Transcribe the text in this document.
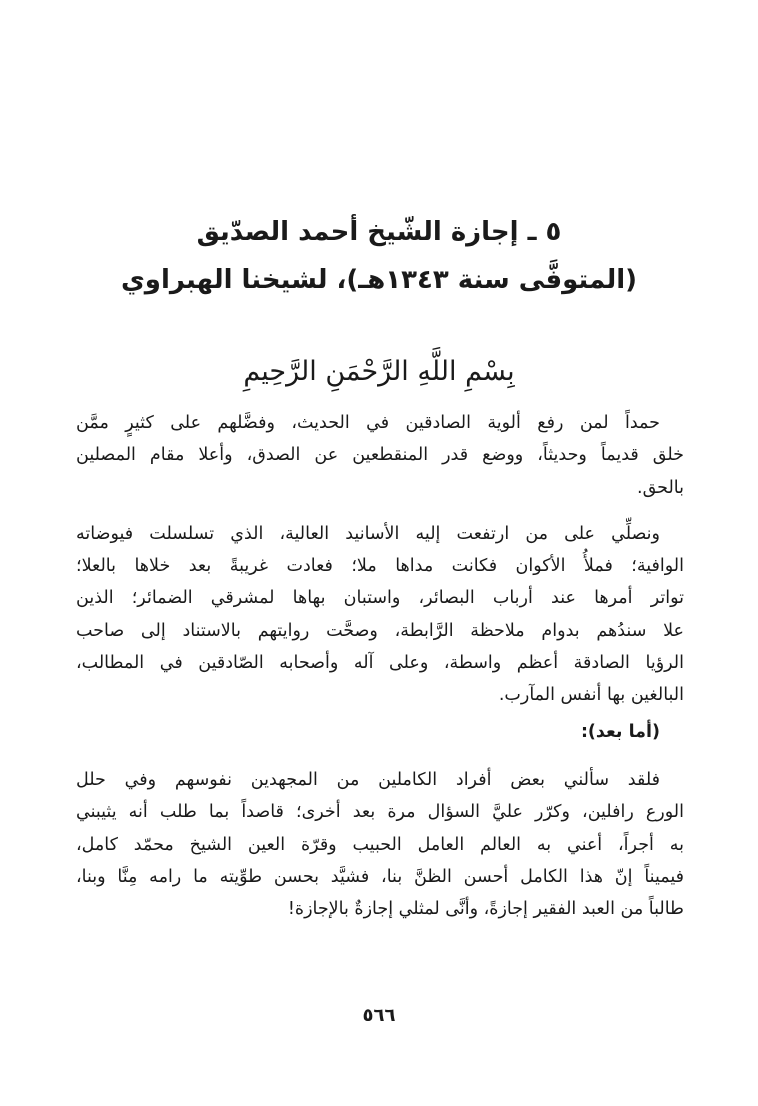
٥ ـ إجازة الشّيخ أحمد الصدّيق
(المتوفَّى سنة ١٣٤٣هـ)، لشيخنا الهبراوي
بِسْمِ اللَّهِ الرَّحْمَنِ الرَّحِيمِ
حمداً لمن رفع ألوية الصادقين في الحديث، وفضَّلهم على كثيرٍ ممَّن
خلق قديماً وحديثاً، ووضع قدر المنقطعين عن الصدق، وأعلا مقام المصلين
بالحق.
ونصلِّي على من ارتفعت إليه الأسانيد العالية، الذي تسلسلت فيوضاته
الوافية؛ فملأُ الأكوان فكانت مداها ملا؛ فعادت غريبةً بعد خلاها بالعلا؛
تواتر أمرها عند أرباب البصائر، واستبان بهاها لمشرقي الضمائر؛ الذين
علا سندُهم بدوام ملاحظة الرَّابطة، وصحَّت روايتهم بالاستناد إلى صاحب
الرؤيا الصادقة أعظم واسطة، وعلى آله وأصحابه الصّادقين في المطالب،
البالغين بها أنفس المآرب.
(أما بعد):
فلقد سألني بعض أفراد الكاملين من المجهدين نفوسهم وفي حلل
الورع رافلين، وكرّر عليَّ السؤال مرة بعد أخرى؛ قاصداً بما طلب أنه يثيبني
به أجراً، أعني به العالم العامل الحبيب وقرّة العين الشيخ محمّد كامل،
فيميناً إنّ هذا الكامل أحسن الظنَّ بنا، فشيَّد بحسن طوِّيته ما رامه مِنَّا وبنا،
طالباً من العبد الفقير إجازةً، وأنَّى لمثلي إجازةٌ بالإجازة!
٥٦٦
